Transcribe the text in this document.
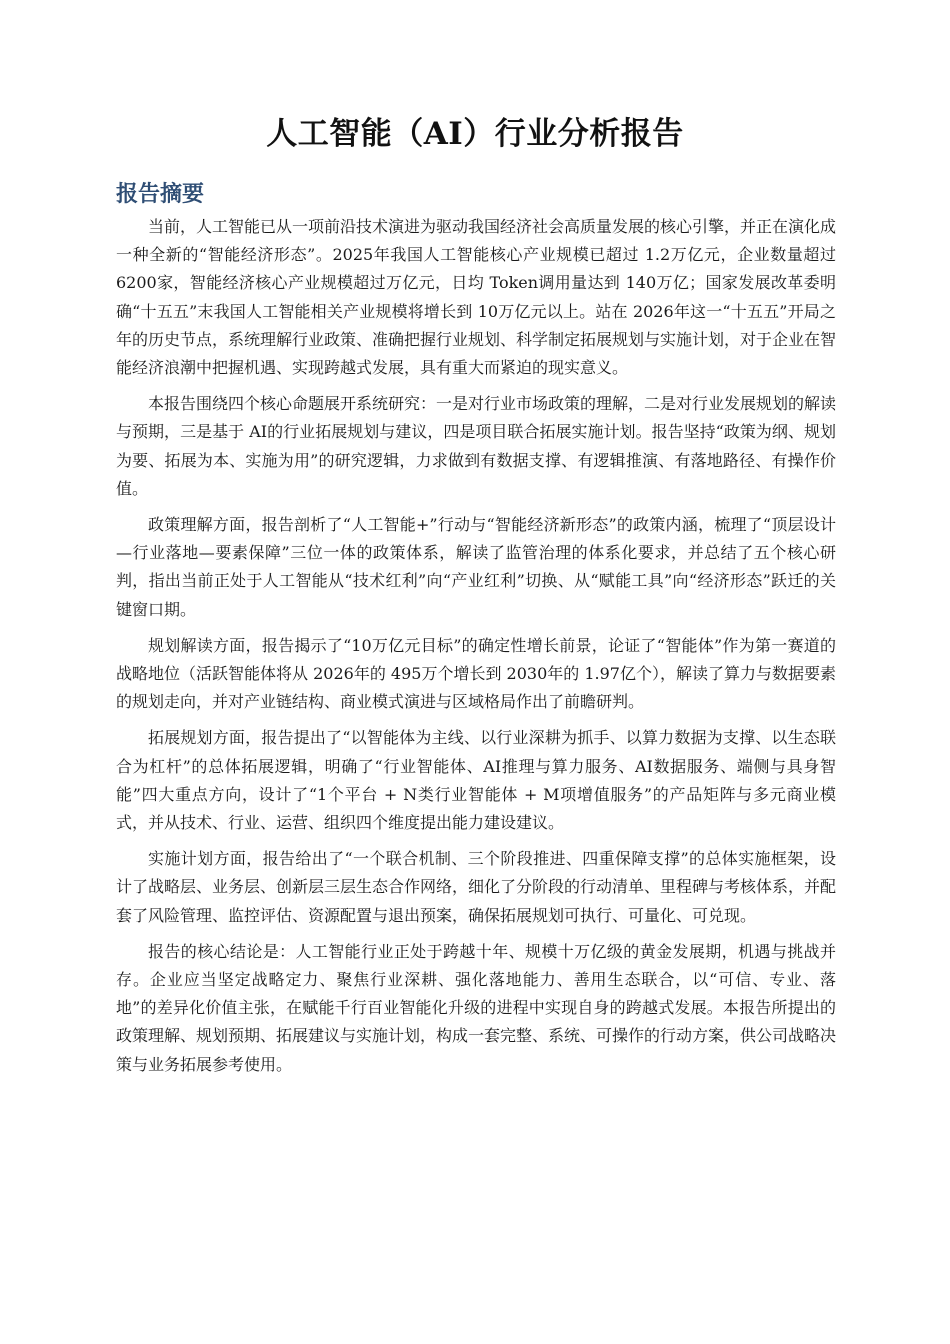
人工智能（AI）行业分析报告
报告摘要

当前，人工智能已从一项前沿技术演进为驱动我国经济社会高质量发展的核心引擎，并正在演化成一种全新的“智能经济形态”。2025年我国人工智能核心产业规模已超过 1.2万亿元，企业数量超过 6200家，智能经济核心产业规模超过万亿元，日均 Token调用量达到 140万亿；国家发展改革委明确“十五五”末我国人工智能相关产业规模将增长到 10万亿元以上。站在 2026年这一“十五五”开局之年的历史节点，系统理解行业政策、准确把握行业规划、科学制定拓展规划与实施计划，对于企业在智能经济浪潮中把握机遇、实现跨越式发展，具有重大而紧迫的现实意义。

本报告围绕四个核心命题展开系统研究：一是对行业市场政策的理解，二是对行业发展规划的解读与预期，三是基于 AI的行业拓展规划与建议，四是项目联合拓展实施计划。报告坚持“政策为纲、规划为要、拓展为本、实施为用”的研究逻辑，力求做到有数据支撑、有逻辑推演、有落地路径、有操作价值。

政策理解方面，报告剖析了“人工智能+”行动与“智能经济新形态”的政策内涵，梳理了“顶层设计—行业落地—要素保障”三位一体的政策体系，解读了监管治理的体系化要求，并总结了五个核心研判，指出当前正处于人工智能从“技术红利”向“产业红利”切换、从“赋能工具”向“经济形态”跃迁的关键窗口期。

规划解读方面，报告揭示了“10万亿元目标”的确定性增长前景，论证了“智能体”作为第一赛道的战略地位（活跃智能体将从 2026年的 495万个增长到 2030年的 1.97亿个），解读了算力与数据要素的规划走向，并对产业链结构、商业模式演进与区域格局作出了前瞻研判。

拓展规划方面，报告提出了“以智能体为主线、以行业深耕为抓手、以算力数据为支撑、以生态联合为杠杆”的总体拓展逻辑，明确了“行业智能体、AI推理与算力服务、AI数据服务、端侧与具身智能”四大重点方向，设计了“1个平台 + N类行业智能体 + M项增值服务”的产品矩阵与多元商业模式，并从技术、行业、运营、组织四个维度提出能力建设建议。

实施计划方面，报告给出了“一个联合机制、三个阶段推进、四重保障支撑”的总体实施框架，设计了战略层、业务层、创新层三层生态合作网络，细化了分阶段的行动清单、里程碑与考核体系，并配套了风险管理、监控评估、资源配置与退出预案，确保拓展规划可执行、可量化、可兑现。

报告的核心结论是：人工智能行业正处于跨越十年、规模十万亿级的黄金发展期，机遇与挑战并存。企业应当坚定战略定力、聚焦行业深耕、强化落地能力、善用生态联合，以“可信、专业、落地”的差异化价值主张，在赋能千行百业智能化升级的进程中实现自身的跨越式发展。本报告所提出的政策理解、规划预期、拓展建议与实施计划，构成一套完整、系统、可操作的行动方案，供公司战略决策与业务拓展参考使用。
